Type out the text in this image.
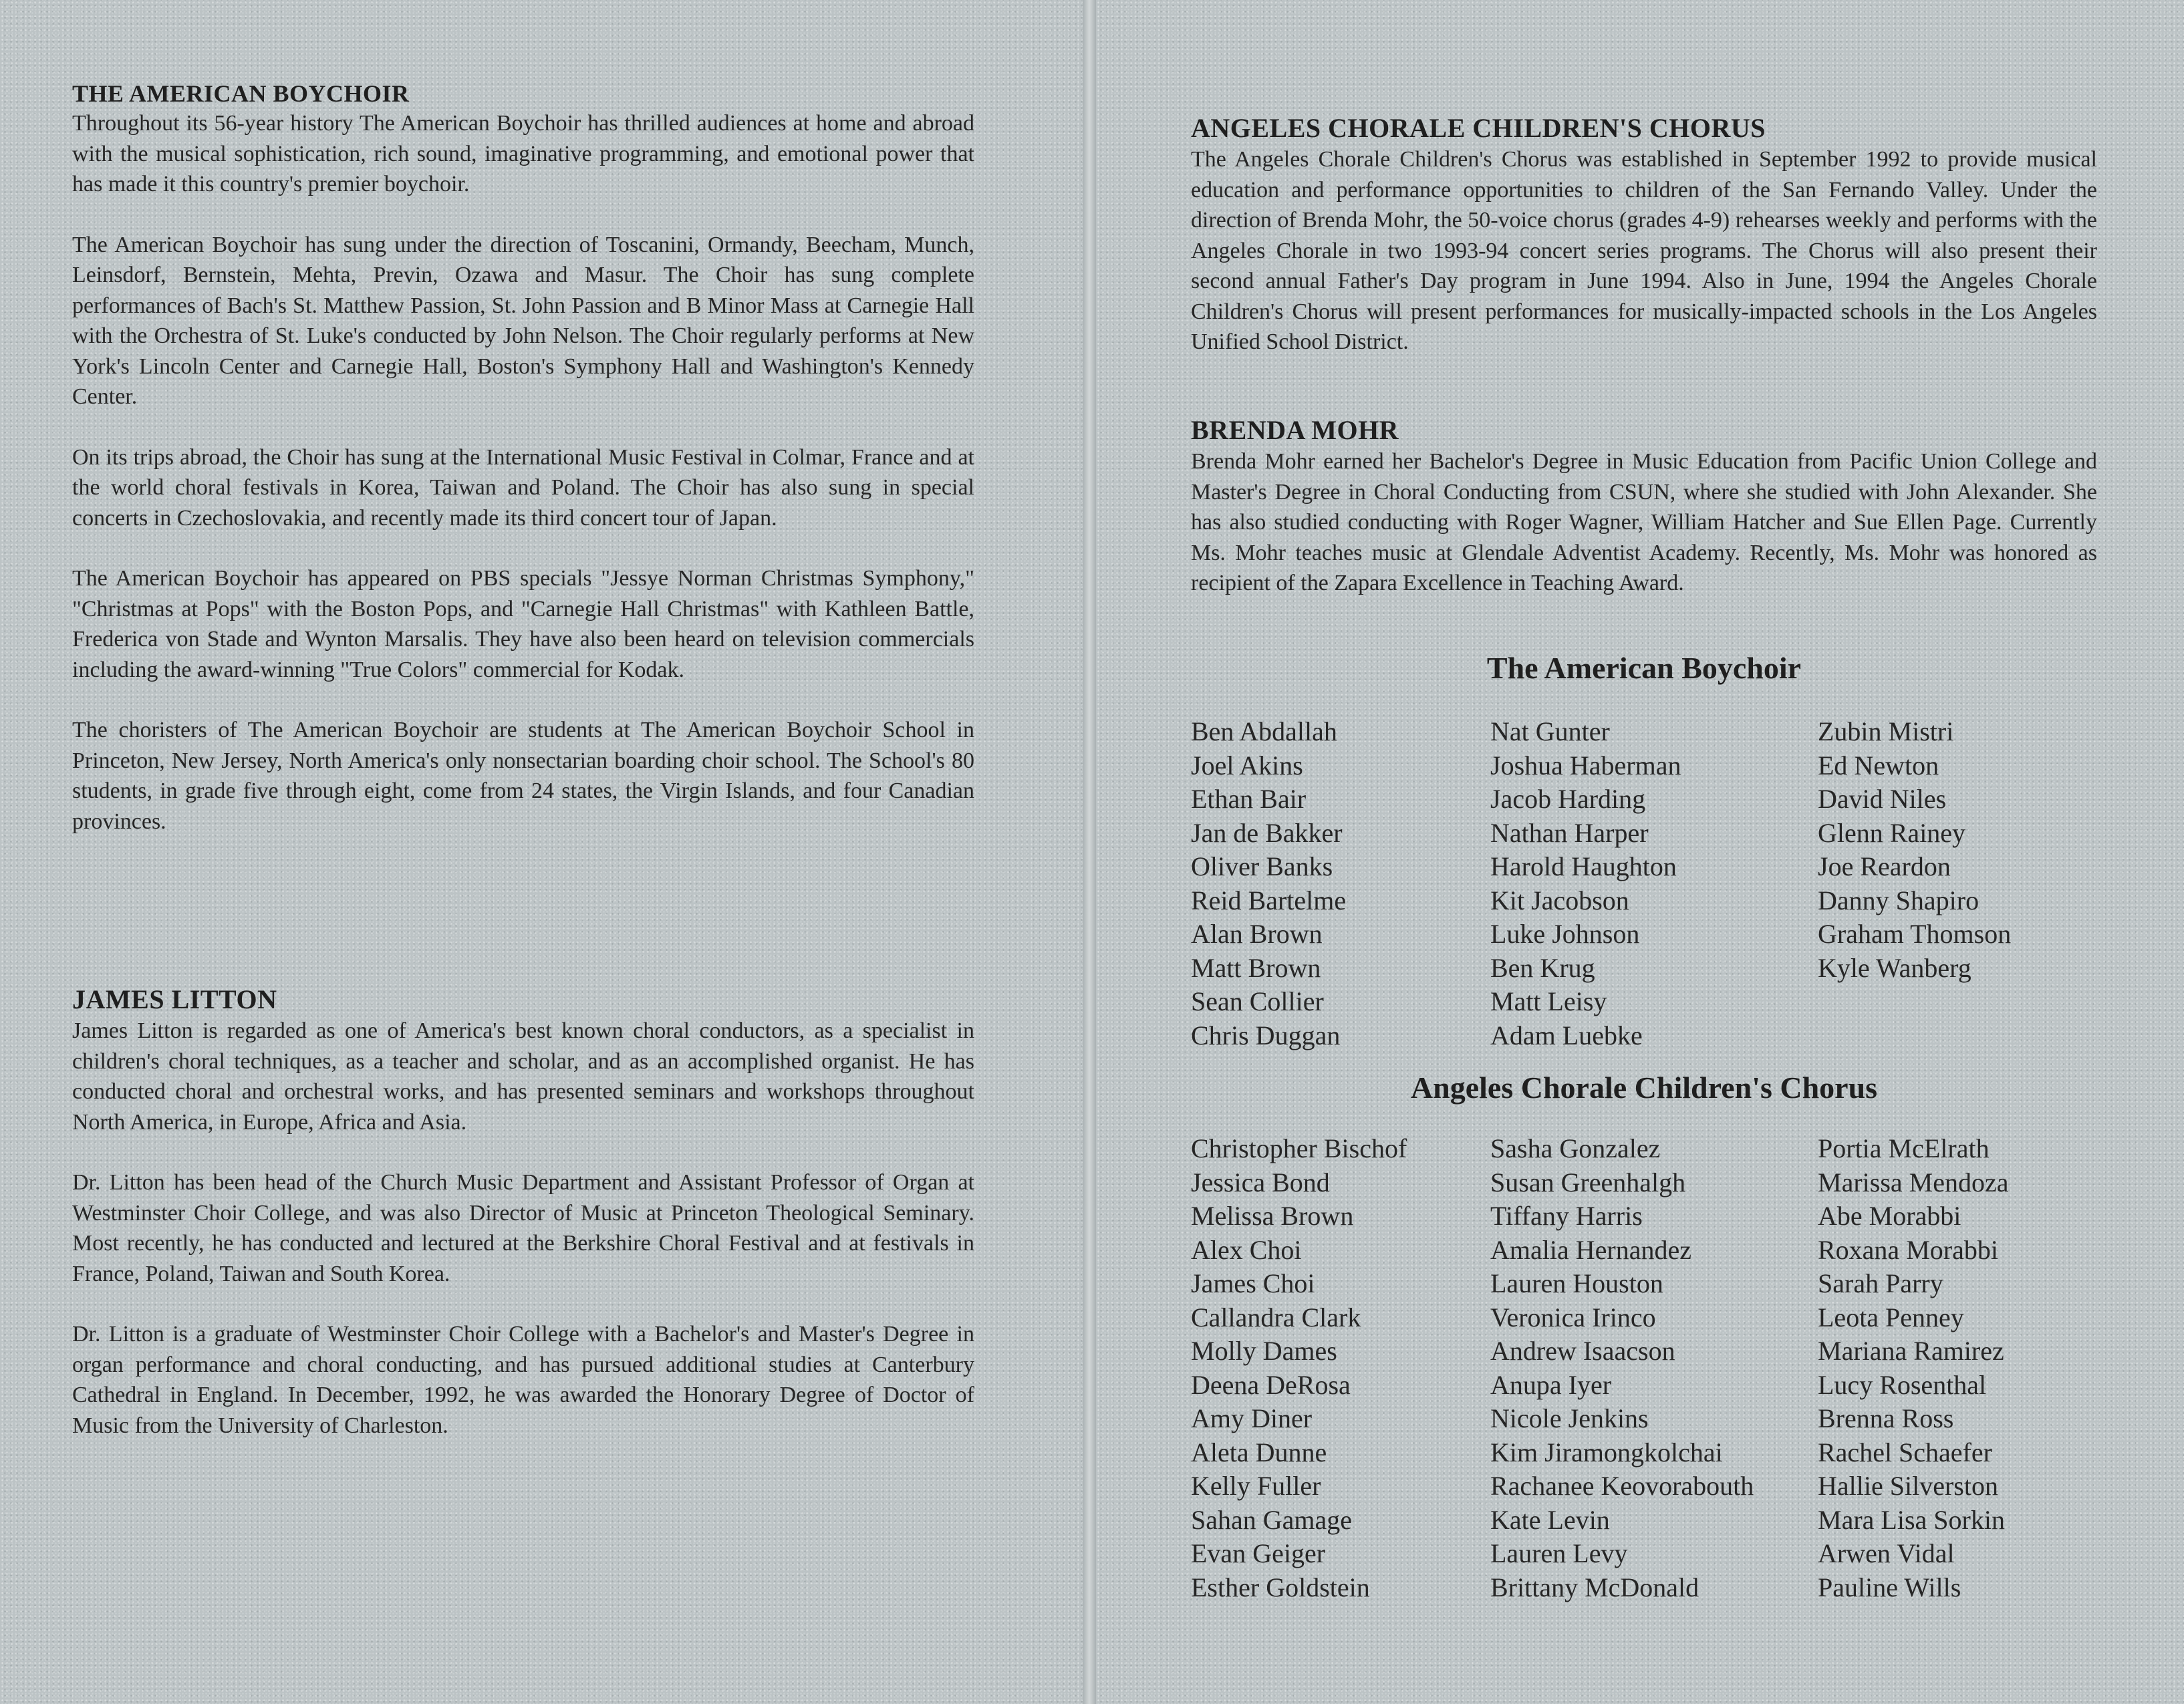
THE AMERICAN BOYCHOIR

Throughout its 56-year history The American Boychoir has thrilled audiences at home and abroad with the musical sophistication, rich sound, imaginative programming, and emotional power that has made it this country's premier boychoir.

The American Boychoir has sung under the direction of Toscanini, Ormandy, Beecham, Munch, Leinsdorf, Bernstein, Mehta, Previn, Ozawa and Masur. The Choir has sung complete performances of Bach's St. Matthew Passion, St. John Passion and B Minor Mass at Carnegie Hall with the Orchestra of St. Luke's conducted by John Nelson. The Choir regularly performs at New York's Lincoln Center and Carnegie Hall, Boston's Symphony Hall and Washington's Kennedy Center.

On its trips abroad, the Choir has sung at the International Music Festival in Colmar, France and at the world choral festivals in Korea, Taiwan and Poland. The Choir has also sung in special concerts in Czechoslovakia, and recently made its third concert tour of Japan.

The American Boychoir has appeared on PBS specials "Jessye Norman Christmas Symphony," "Christmas at Pops" with the Boston Pops, and "Carnegie Hall Christmas" with Kathleen Battle, Frederica von Stade and Wynton Marsalis. They have also been heard on television commercials including the award-winning "True Colors" commercial for Kodak.

The choristers of The American Boychoir are students at The American Boychoir School in Princeton, New Jersey, North America's only nonsectarian boarding choir school. The School's 80 students, in grade five through eight, come from 24 states, the Virgin Islands, and four Canadian provinces.

JAMES LITTON

James Litton is regarded as one of America's best known choral conductors, as a specialist in children's choral techniques, as a teacher and scholar, and as an accomplished organist. He has conducted choral and orchestral works, and has presented seminars and workshops throughout North America, in Europe, Africa and Asia.

Dr. Litton has been head of the Church Music Department and Assistant Professor of Organ at Westminster Choir College, and was also Director of Music at Princeton Theological Seminary. Most recently, he has conducted and lectured at the Berkshire Choral Festival and at festivals in France, Poland, Taiwan and South Korea.

Dr. Litton is a graduate of Westminster Choir College with a Bachelor's and Master's Degree in organ performance and choral conducting, and has pursued additional studies at Canterbury Cathedral in England. In December, 1992, he was awarded the Honorary Degree of Doctor of Music from the University of Charleston.

ANGELES CHORALE CHILDREN'S CHORUS

The Angeles Chorale Children's Chorus was established in September 1992 to provide musical education and performance opportunities to children of the San Fernando Valley. Under the direction of Brenda Mohr, the 50-voice chorus (grades 4-9) rehearses weekly and performs with the Angeles Chorale in two 1993-94 concert series programs. The Chorus will also present their second annual Father's Day program in June 1994. Also in June, 1994 the Angeles Chorale Children's Chorus will present performances for musically-impacted schools in the Los Angeles Unified School District.

BRENDA MOHR

Brenda Mohr earned her Bachelor's Degree in Music Education from Pacific Union College and Master's Degree in Choral Conducting from CSUN, where she studied with John Alexander. She has also studied conducting with Roger Wagner, William Hatcher and Sue Ellen Page. Currently Ms. Mohr teaches music at Glendale Adventist Academy. Recently, Ms. Mohr was honored as recipient of the Zapara Excellence in Teaching Award.

The American Boychoir
Ben Abdallah
Joel Akins
Ethan Bair
Jan de Bakker
Oliver Banks
Reid Bartelme
Alan Brown
Matt Brown
Sean Collier
Chris Duggan
Nat Gunter
Joshua Haberman
Jacob Harding
Nathan Harper
Harold Haughton
Kit Jacobson
Luke Johnson
Ben Krug
Matt Leisy
Adam Luebke
Zubin Mistri
Ed Newton
David Niles
Glenn Rainey
Joe Reardon
Danny Shapiro
Graham Thomson
Kyle Wanberg
Angeles Chorale Children's Chorus
Christopher Bischof
Jessica Bond
Melissa Brown
Alex Choi
James Choi
Callandra Clark
Molly Dames
Deena DeRosa
Amy Diner
Aleta Dunne
Kelly Fuller
Sahan Gamage
Evan Geiger
Esther Goldstein
Sasha Gonzalez
Susan Greenhalgh
Tiffany Harris
Amalia Hernandez
Lauren Houston
Veronica Irinco
Andrew Isaacson
Anupa Iyer
Nicole Jenkins
Kim Jiramongkolchai
Rachanee Keovorabouth
Kate Levin
Lauren Levy
Brittany McDonald
Portia McElrath
Marissa Mendoza
Abe Morabbi
Roxana Morabbi
Sarah Parry
Leota Penney
Mariana Ramirez
Lucy Rosenthal
Brenna Ross
Rachel Schaefer
Hallie Silverston
Mara Lisa Sorkin
Arwen Vidal
Pauline Wills
